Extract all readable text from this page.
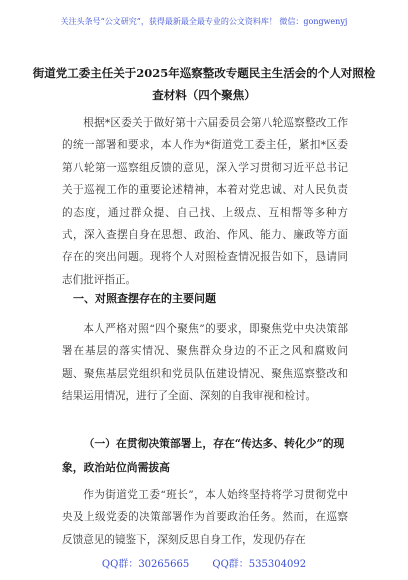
关注头条号“公文研究”，获得最新最全最专业的公文资料库！ 微信：gongwenyj
街道党工委主任关于2025年巡察整改专题民主生活会的个人对照检查材料（四个聚焦）
根据*区委关于做好第十六届委员会第八轮巡察整改工作的统一部署和要求，本人作为*街道党工委主任，紧扣*区委第八轮第一巡察组反馈的意见，深入学习贯彻习近平总书记关于巡视工作的重要论述精神，本着对党忠诚、对人民负责的态度，通过群众提、自己找、上级点、互相帮等多种方式，深入查摆自身在思想、政治、作风、能力、廉政等方面存在的突出问题。现将个人对照检查情况报告如下，恳请同志们批评指正。
一、对照查摆存在的主要问题
本人严格对照“四个聚焦”的要求，即聚焦党中央决策部署在基层的落实情况、聚焦群众身边的不正之风和腐败问题、聚焦基层党组织和党员队伍建设情况、聚焦巡察整改和结果运用情况，进行了全面、深刻的自我审视和检讨。
（一）在贯彻决策部署上，存在“传达多、转化少”的现象，政治站位尚需拔高
作为街道党工委“班长”，本人始终坚持将学习贯彻党中央及上级党委的决策部署作为首要政治任务。然而，在巡察反馈意见的镜鉴下，深刻反思自身工作，发现仍存在
QQ群：30265665 QQ群：535304092
